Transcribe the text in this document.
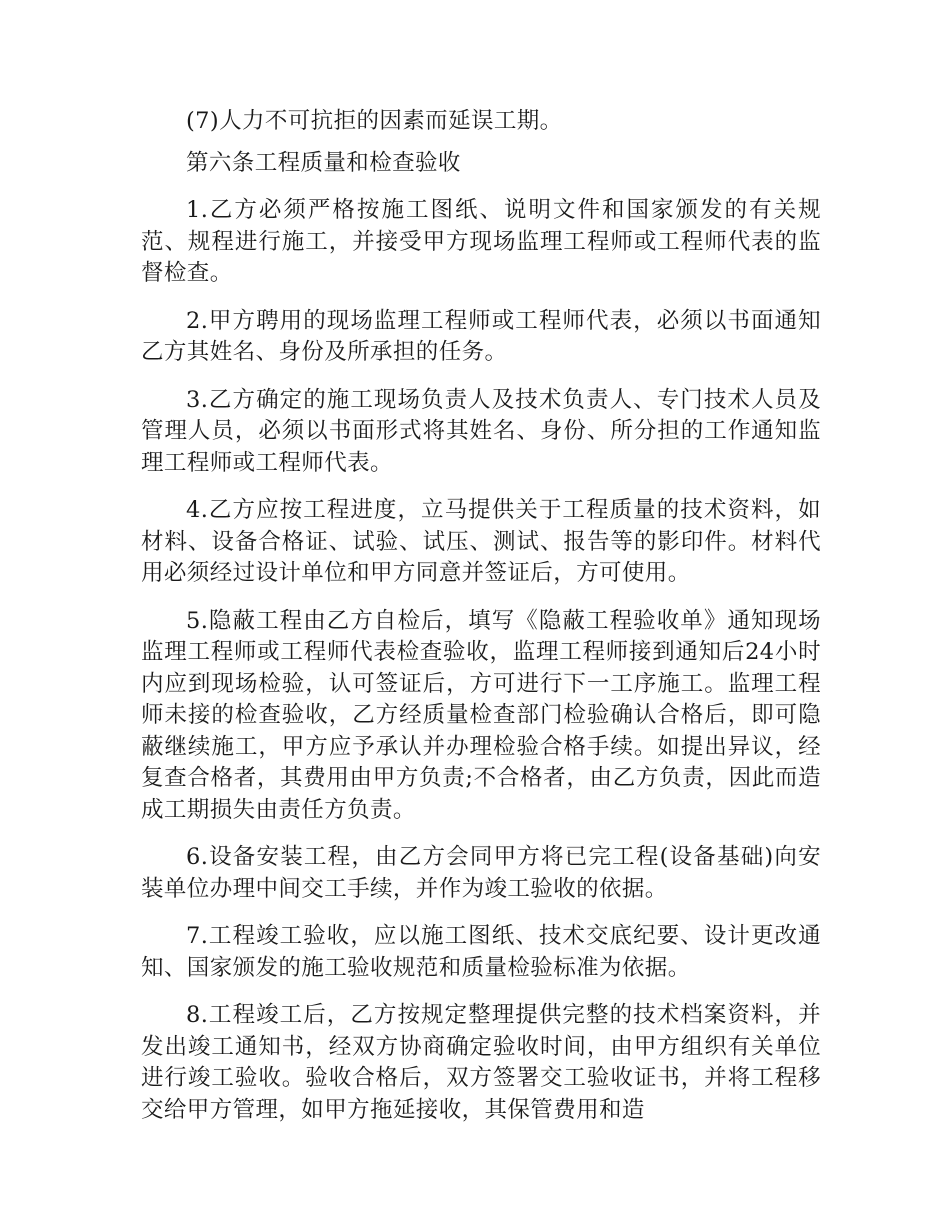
(7)人力不可抗拒的因素而延误工期。

第六条工程质量和检查验收

1.乙方必须严格按施工图纸、说明文件和国家颁发的有关规范、规程进行施工，并接受甲方现场监理工程师或工程师代表的监督检查。

2.甲方聘用的现场监理工程师或工程师代表，必须以书面通知乙方其姓名、身份及所承担的任务。

3.乙方确定的施工现场负责人及技术负责人、专门技术人员及管理人员，必须以书面形式将其姓名、身份、所分担的工作通知监理工程师或工程师代表。

4.乙方应按工程进度，立马提供关于工程质量的技术资料，如材料、设备合格证、试验、试压、测试、报告等的影印件。材料代用必须经过设计单位和甲方同意并签证后，方可使用。

5.隐蔽工程由乙方自检后，填写《隐蔽工程验收单》通知现场监理工程师或工程师代表检查验收，监理工程师接到通知后24小时内应到现场检验，认可签证后，方可进行下一工序施工。监理工程师未接的检查验收，乙方经质量检查部门检验确认合格后，即可隐蔽继续施工，甲方应予承认并办理检验合格手续。如提出异议，经复查合格者，其费用由甲方负责;不合格者，由乙方负责，因此而造成工期损失由责任方负责。

6.设备安装工程，由乙方会同甲方将已完工程(设备基础)向安装单位办理中间交工手续，并作为竣工验收的依据。

7.工程竣工验收，应以施工图纸、技术交底纪要、设计更改通知、国家颁发的施工验收规范和质量检验标准为依据。

8.工程竣工后，乙方按规定整理提供完整的技术档案资料，并发出竣工通知书，经双方协商确定验收时间，由甲方组织有关单位进行竣工验收。验收合格后，双方签署交工验收证书，并将工程移交给甲方管理，如甲方拖延接收，其保管费用和造
